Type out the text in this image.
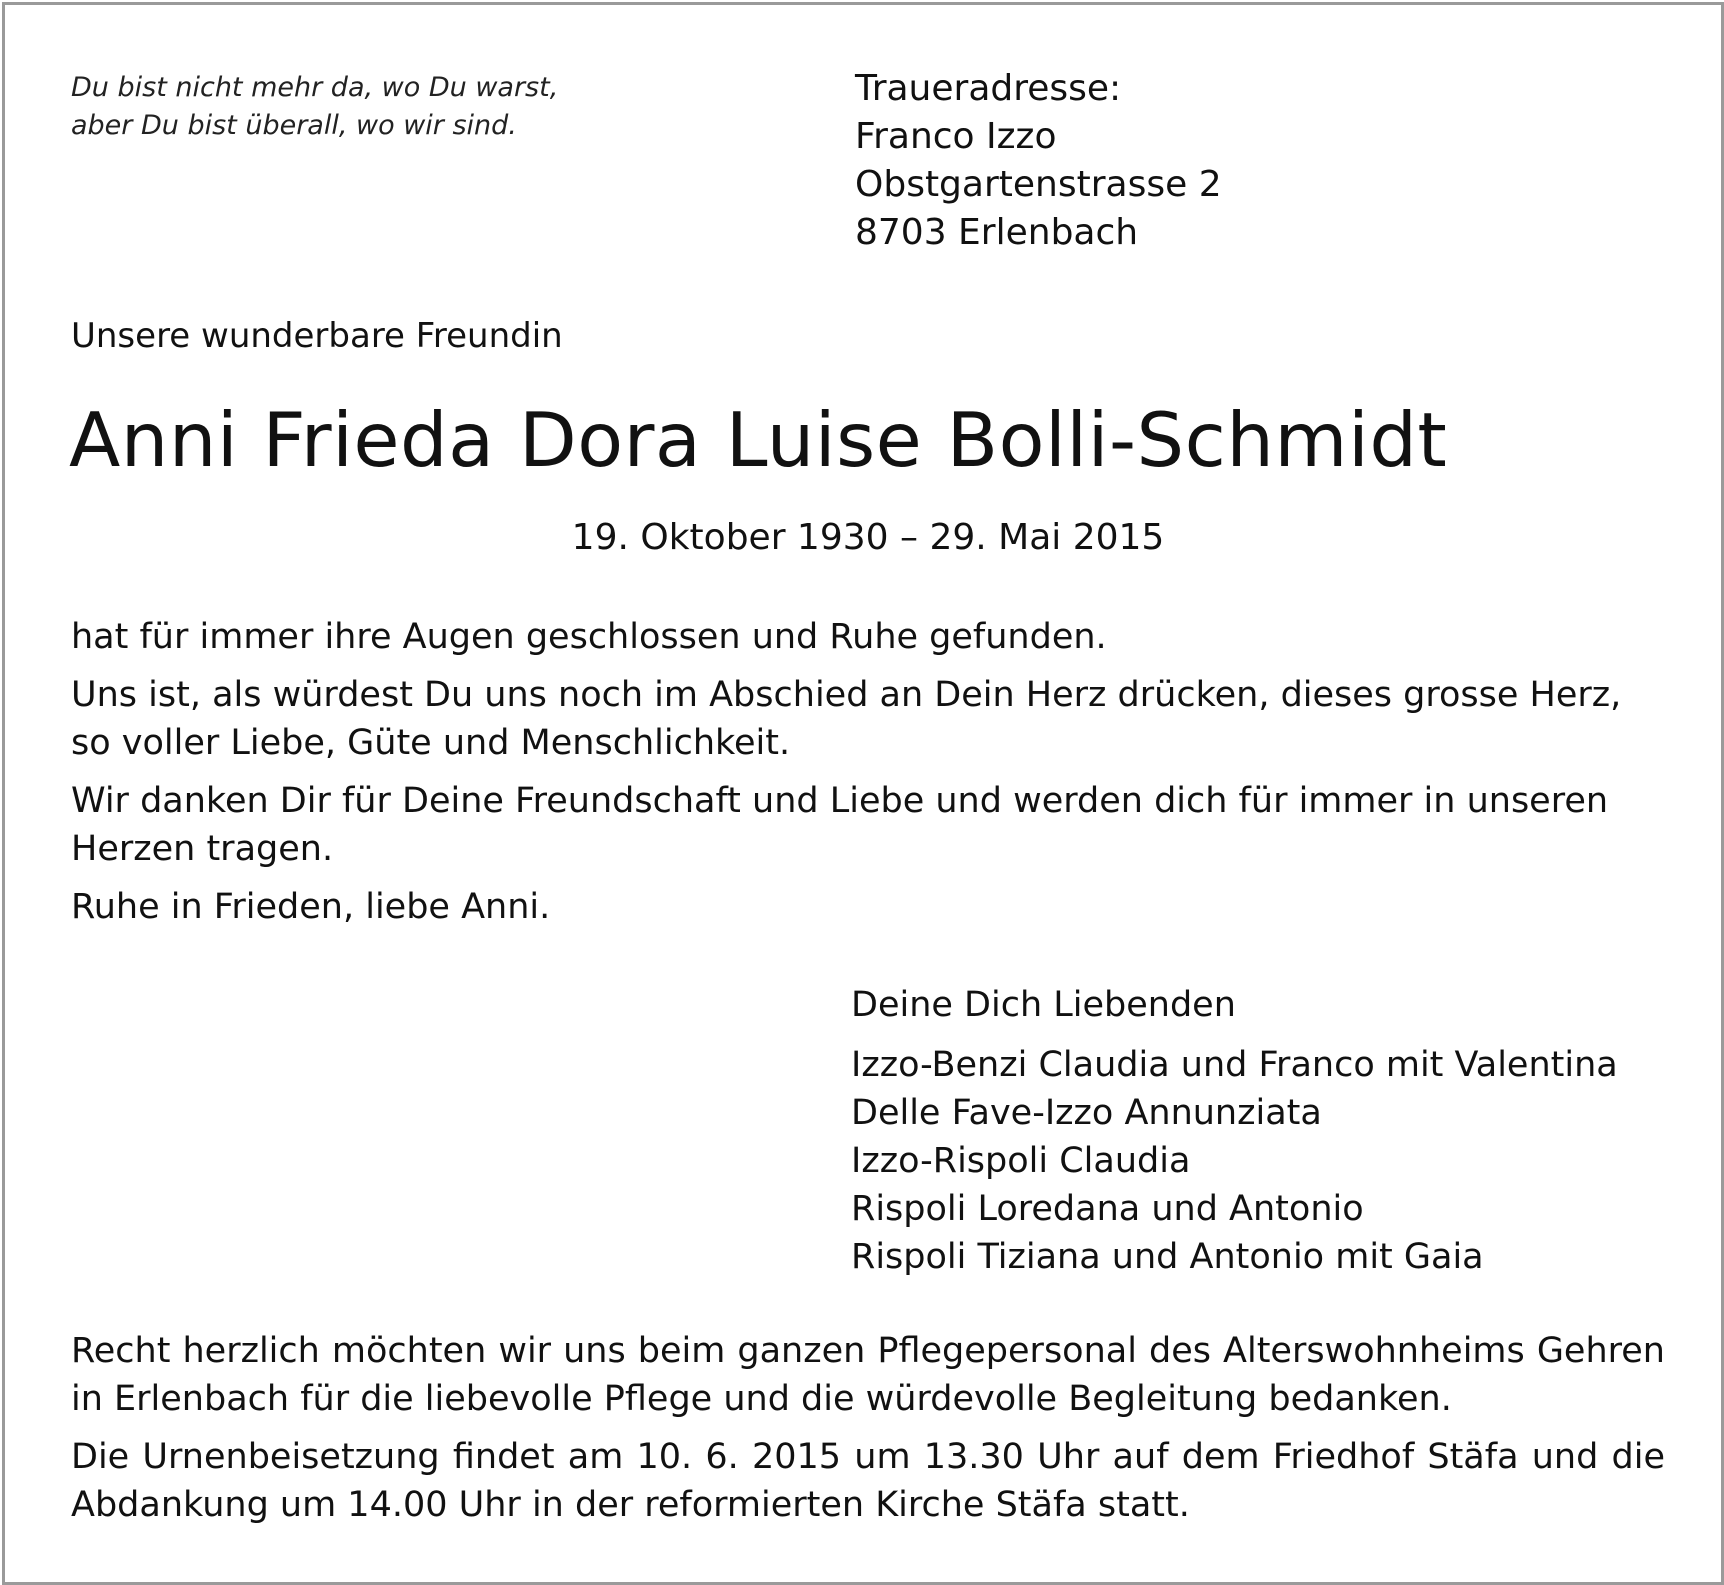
Du bist nicht mehr da, wo Du warst,
aber Du bist überall, wo wir sind.
Traueradresse:
Franco Izzo
Obstgartenstrasse 2
8703 Erlenbach
Unsere wunderbare Freundin
Anni Frieda Dora Luise Bolli-Schmidt
19. Oktober 1930 – 29. Mai 2015

hat für immer ihre Augen geschlossen und Ruhe gefunden.

Uns ist, als würdest Du uns noch im Abschied an Dein Herz drücken, dieses grosse Herz, so voller Liebe, Güte und Menschlichkeit.

Wir danken Dir für Deine Freundschaft und Liebe und werden dich für immer in unseren Herzen tragen.

Ruhe in Frieden, liebe Anni.

Deine Dich Liebenden
Izzo-Benzi Claudia und Franco mit Valentina
Delle Fave-Izzo Annunziata
Izzo-Rispoli Claudia
Rispoli Loredana und Antonio
Rispoli Tiziana und Antonio mit Gaia

Recht herzlich möchten wir uns beim ganzen Pflegepersonal des Alterswohnheims Gehren in Erlenbach für die liebevolle Pflege und die würdevolle Begleitung bedanken.

Die Urnenbeisetzung findet am 10. 6. 2015 um 13.30 Uhr auf dem Friedhof Stäfa und die Abdankung um 14.00 Uhr in der reformierten Kirche Stäfa statt.
